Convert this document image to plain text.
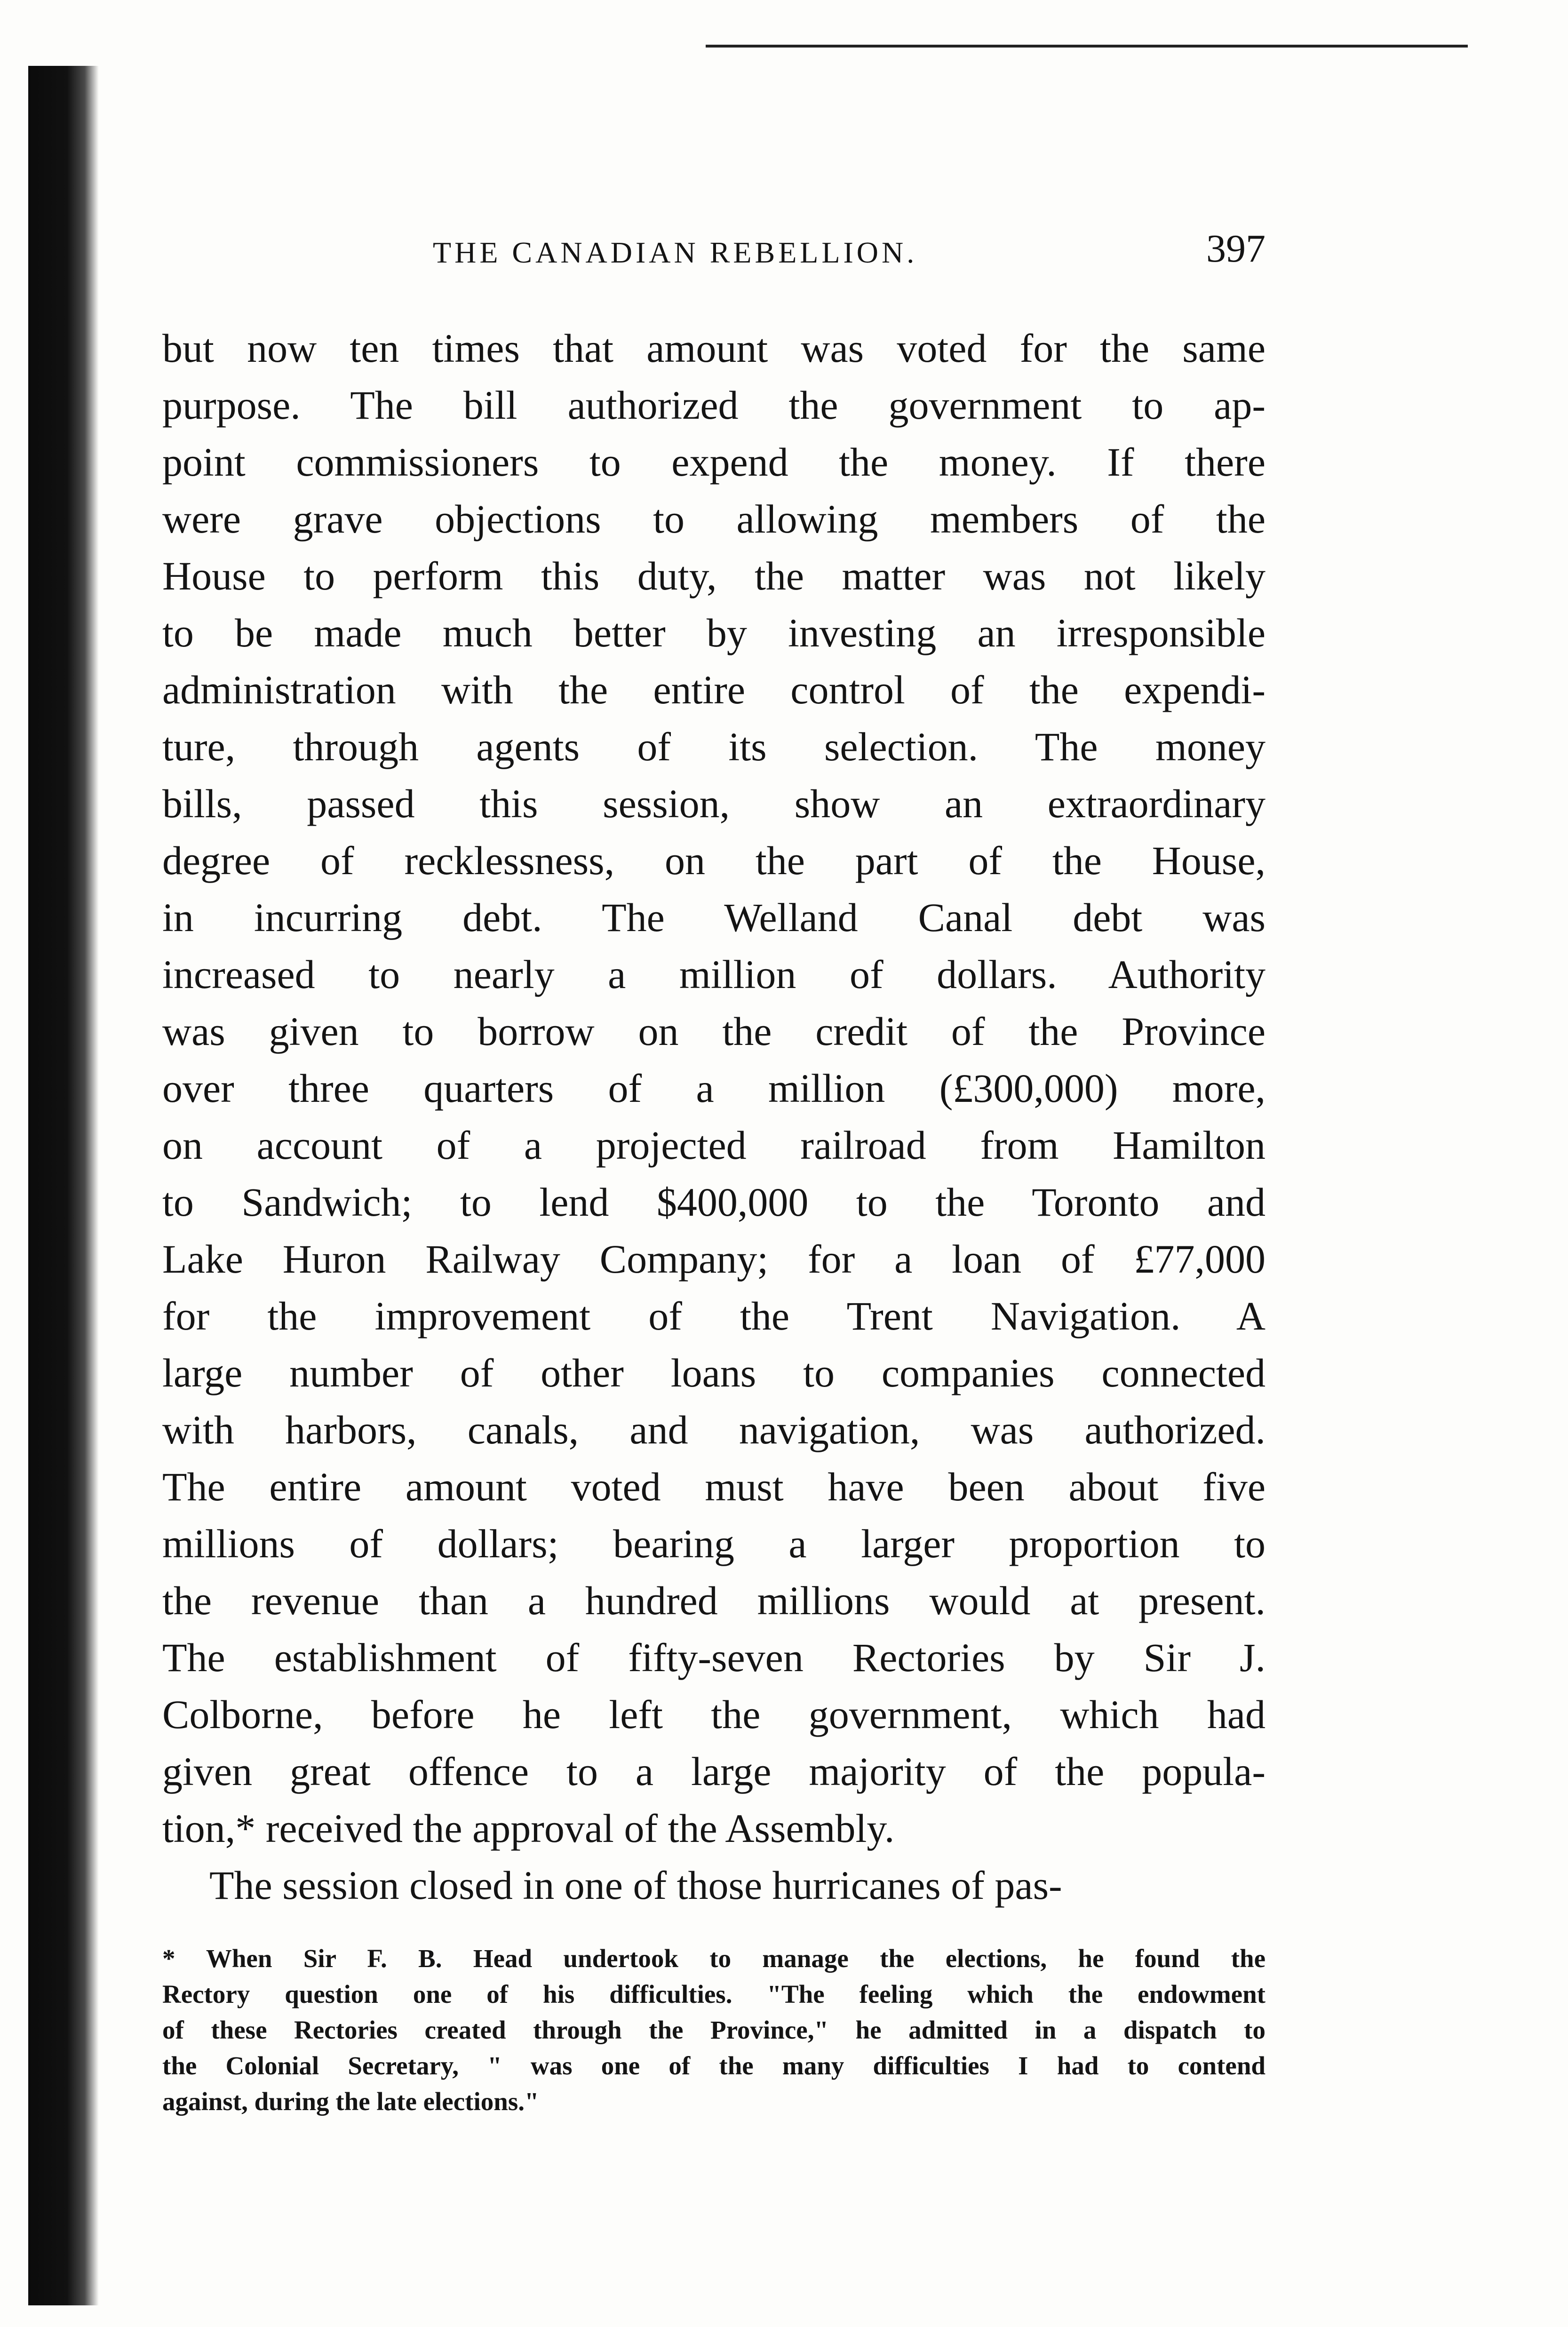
THE CANADIAN REBELLION.	397
but now ten times that amount was voted for the same
purpose. The bill authorized the government to ap-
point commissioners to expend the money. If there
were grave objections to allowing members of the
House to perform this duty, the matter was not likely
to be made much better by investing an irresponsible
administration with the entire control of the expendi-
ture, through agents of its selection. The money
bills, passed this session, show an extraordinary
degree of recklessness, on the part of the House,
in incurring debt. The Welland Canal debt was
increased to nearly a million of dollars. Authority
was given to borrow on the credit of the Province
over three quarters of a million (£300,000) more,
on account of a projected railroad from Hamilton
to Sandwich; to lend $400,000 to the Toronto and
Lake Huron Railway Company; for a loan of £77,000
for the improvement of the Trent Navigation. A
large number of other loans to companies connected
with harbors, canals, and navigation, was authorized.
The entire amount voted must have been about five
millions of dollars; bearing a larger proportion to
the revenue than a hundred millions would at present.
The establishment of fifty-seven Rectories by Sir J.
Colborne, before he left the government, which had
given great offence to a large majority of the popula-
tion,* received the approval of the Assembly.
The session closed in one of those hurricanes of pas-
* When Sir F. B. Head undertook to manage the elections, he found the
Rectory question one of his difficulties. "The feeling which the endowment
of these Rectories created through the Province," he admitted in a dispatch to
the Colonial Secretary, " was one of the many difficulties I had to contend
against, during the late elections."
